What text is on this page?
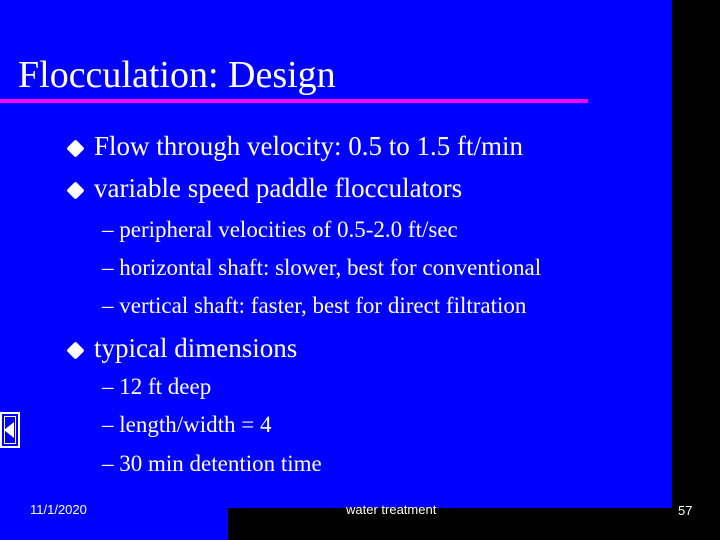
Flocculation: Design
Flow through velocity: 0.5 to 1.5 ft/min
variable speed paddle flocculators
– peripheral velocities of 0.5-2.0 ft/sec
– horizontal shaft: slower, best for conventional
– vertical shaft: faster, best for direct filtration
typical dimensions
– 12 ft deep
– length/width = 4
– 30 min detention time
11/1/2020	water treatment	57
